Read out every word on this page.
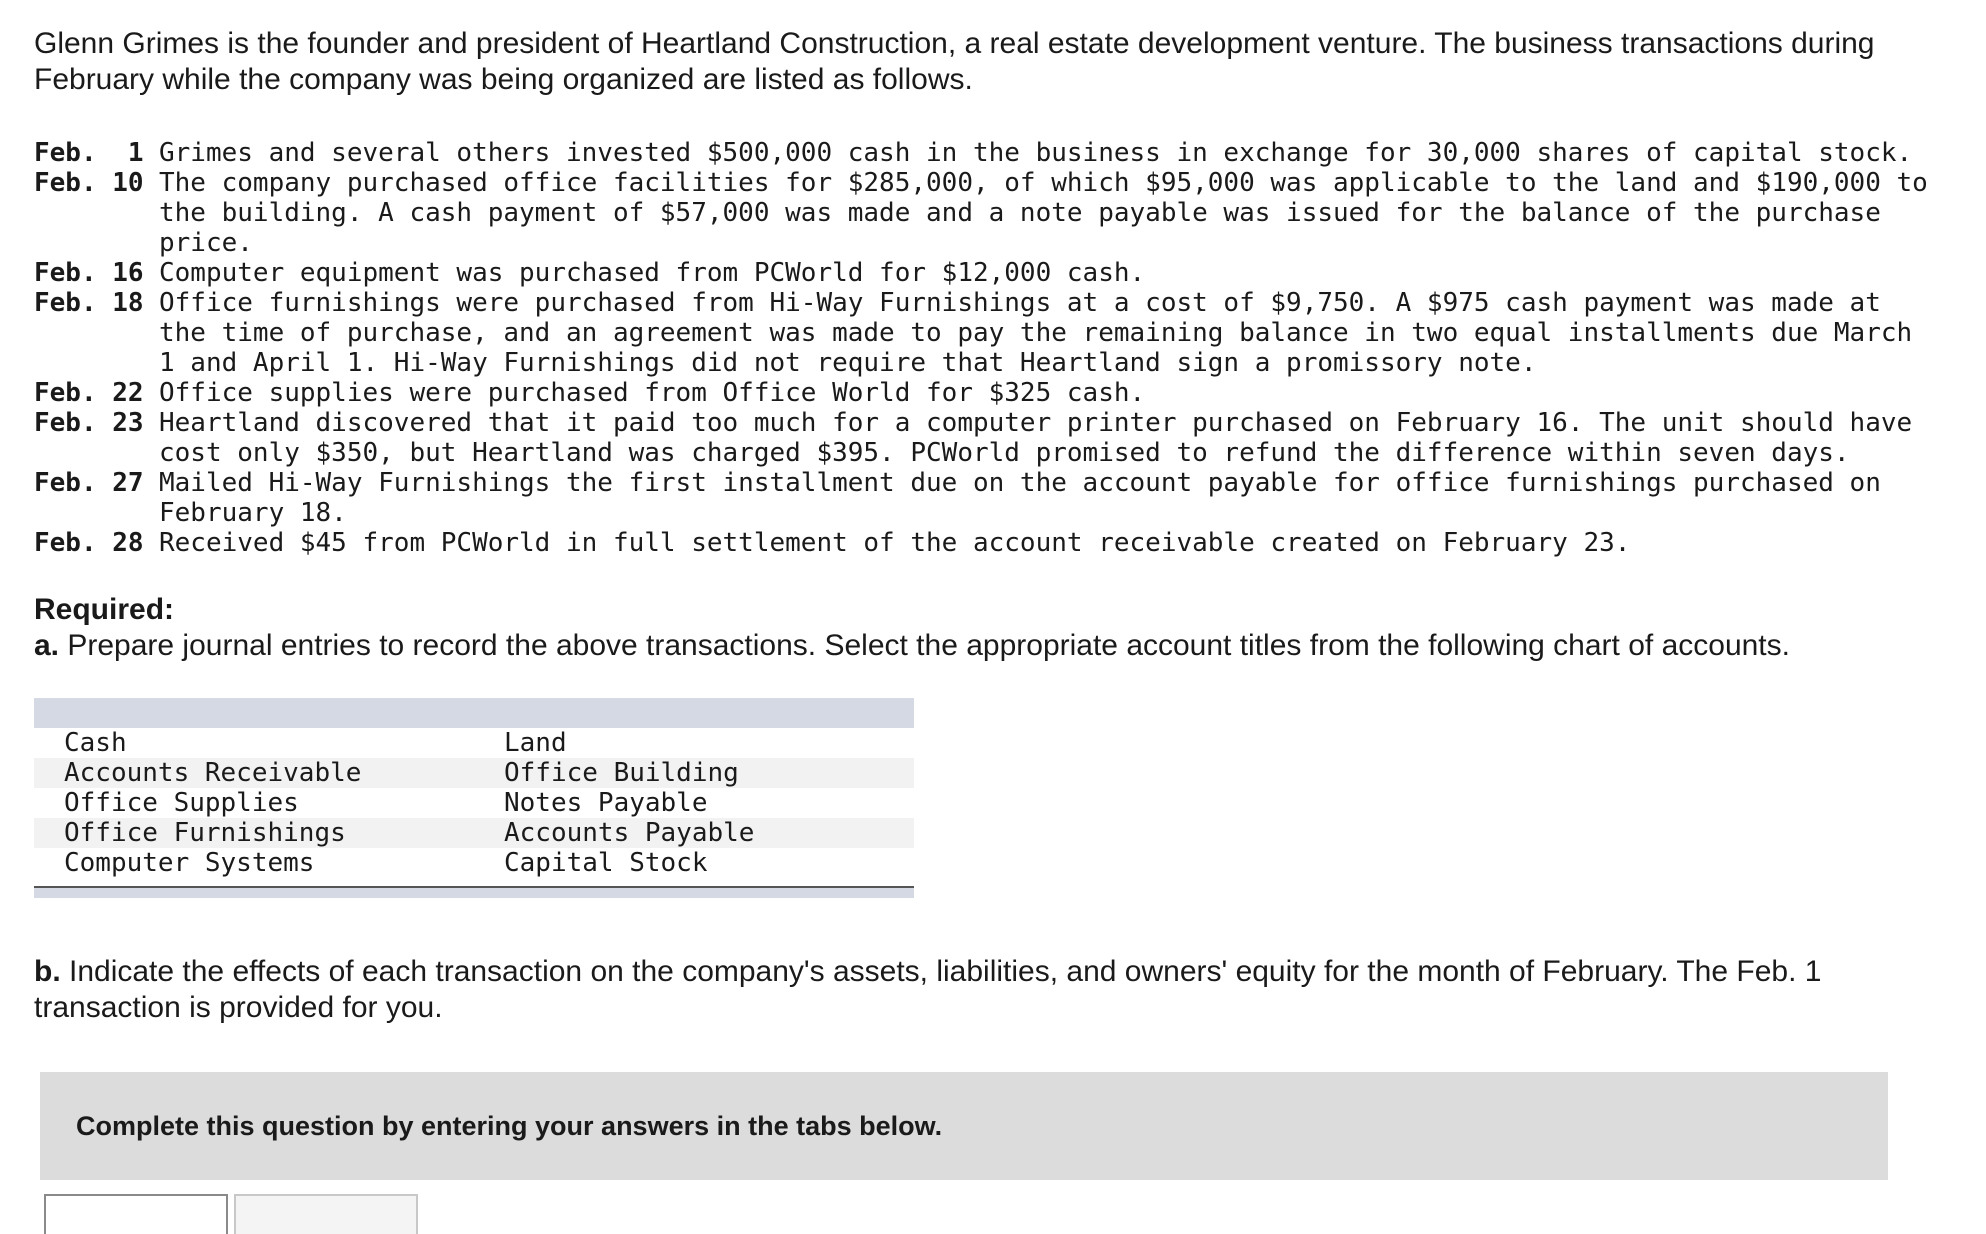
Glenn Grimes is the founder and president of Heartland Construction, a real estate development venture. The business transactions during February while the company was being organized are listed as follows.

Feb.  1 Grimes and several others invested $500,000 cash in the business in exchange for 30,000 shares of capital stock.
Feb. 10 The company purchased office facilities for $285,000, of which $95,000 was applicable to the land and $190,000 to the building. A cash payment of $57,000 was made and a note payable was issued for the balance of the purchase price.
Feb. 16 Computer equipment was purchased from PCWorld for $12,000 cash.
Feb. 18 Office furnishings were purchased from Hi-Way Furnishings at a cost of $9,750. A $975 cash payment was made at the time of purchase, and an agreement was made to pay the remaining balance in two equal installments due March 1 and April 1. Hi-Way Furnishings did not require that Heartland sign a promissory note.
Feb. 22 Office supplies were purchased from Office World for $325 cash.
Feb. 23 Heartland discovered that it paid too much for a computer printer purchased on February 16. The unit should have cost only $350, but Heartland was charged $395. PCWorld promised to refund the difference within seven days.
Feb. 27 Mailed Hi-Way Furnishings the first installment due on the account payable for office furnishings purchased on February 18.
Feb. 28 Received $45 from PCWorld in full settlement of the account receivable created on February 23.
Required:
a. Prepare journal entries to record the above transactions. Select the appropriate account titles from the following chart of accounts.

Cash	Land
Accounts Receivable	Office Building
Office Supplies	Notes Payable
Office Furnishings	Accounts Payable
Computer Systems	Capital Stock

b. Indicate the effects of each transaction on the company's assets, liabilities, and owners' equity for the month of February. The Feb. 1 transaction is provided for you.
Complete this question by entering your answers in the tabs below.
